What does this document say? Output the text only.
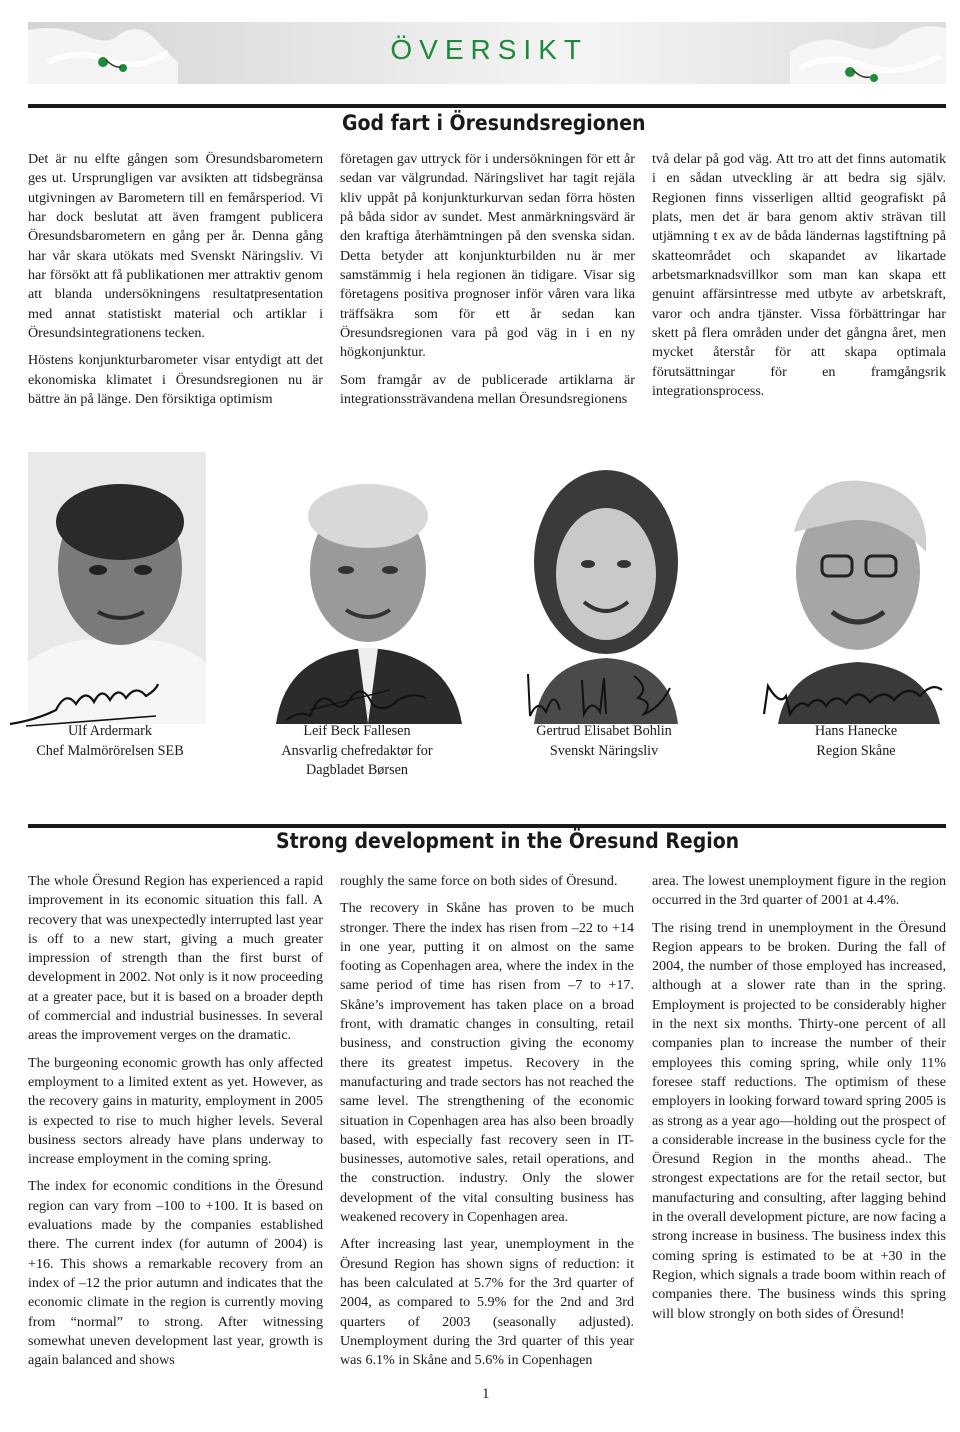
ÖVERSIKT
God fart i Öresundsregionen

Det är nu elfte gången som Öresundsbarometern ges ut. Ursprungligen var avsikten att tidsbegränsa utgivningen av Barometern till en femårsperiod. Vi har dock beslutat att även framgent publicera Öresundsbarometern en gång per år. Denna gång har vår skara utökats med Svenskt Näringsliv. Vi har försökt att få publikationen mer attraktiv genom att blanda undersökningens resultatpresentation med annat statistiskt material och artiklar i Öresundsintegrationens tecken.

Höstens konjunkturbarometer visar entydigt att det ekonomiska klimatet i Öresundsregionen nu är bättre än på länge. Den försiktiga optimism

företagen gav uttryck för i undersökningen för ett år sedan var välgrundad. Näringslivet har tagit rejäla kliv uppåt på konjunkturkurvan sedan förra hösten på båda sidor av sundet. Mest anmärkningsvärd är den kraftiga återhämtningen på den svenska sidan. Detta betyder att konjunkturbilden nu är mer samstämmig i hela regionen än tidigare. Visar sig företagens positiva prognoser inför våren vara lika träffsäkra som för ett år sedan kan Öresundsregionen vara på god väg in i en ny högkonjunktur.

Som framgår av de publicerade artiklarna är integrationssträvandena mellan Öresundsregionens

två delar på god väg. Att tro att det finns automatik i en sådan utveckling är att bedra sig själv. Regionen finns visserligen alltid geografiskt på plats, men det är bara genom aktiv strävan till utjämning t ex av de båda ländernas lagstiftning på skatteområdet och skapandet av likartade arbetsmarknadsvillkor som man kan skapa ett genuint affärsintresse med utbyte av arbetskraft, varor och andra tjänster. Vissa förbättringar har skett på flera områden under det gångna året, men mycket återstår för att skapa optimala förutsättningar för en framgångsrik integrationsprocess.

Ulf Ardermark
Chef Malmörörelsen SEB
Leif Beck Fallesen
Ansvarlig chefredaktør for
Dagbladet Børsen
Gertrud Elisabet Bohlin
Svenskt Näringsliv
Hans Hanecke
Region Skåne
Strong development in the Öresund Region

The whole Öresund Region has experienced a rapid improvement in its economic situation this fall. A recovery that was unexpectedly interrupted last year is off to a new start, giving a much greater impression of strength than the first burst of development in 2002. Not only is it now proceeding at a greater pace, but it is based on a broader depth of commercial and industrial businesses. In several areas the improvement verges on the dramatic.

The burgeoning economic growth has only affected employment to a limited extent as yet. However, as the recovery gains in maturity, employment in 2005 is expected to rise to much higher levels. Several business sectors already have plans underway to increase employment in the coming spring.

The index for economic conditions in the Öresund region can vary from –100 to +100. It is based on evaluations made by the companies established there. The current index (for autumn of 2004) is +16. This shows a remarkable recovery from an index of –12 the prior autumn and indicates that the economic climate in the region is currently moving from “normal” to strong. After witnessing somewhat uneven development last year, growth is again balanced and shows

roughly the same force on both sides of Öresund.

The recovery in Skåne has proven to be much stronger. There the index has risen from –22 to +14 in one year, putting it on almost on the same footing as Copenhagen area, where the index in the same period of time has risen from –7 to +17. Skåne’s improvement has taken place on a broad front, with dramatic changes in consulting, retail business, and construction giving the economy there its greatest impetus. Recovery in the manufacturing and trade sectors has not reached the same level. The strengthening of the economic situation in Copenhagen area has also been broadly based, with especially fast recovery seen in IT-businesses, automotive sales, retail operations, and the construction. industry. Only the slower development of the vital consulting business has weakened recovery in Copenhagen area.

After increasing last year, unemployment in the Öresund Region has shown signs of reduction: it has been calculated at 5.7% for the 3rd quarter of 2004, as compared to 5.9% for the 2nd and 3rd quarters of 2003 (seasonally adjusted). Unemployment during the 3rd quarter of this year was 6.1% in Skåne and 5.6% in Copenhagen

area. The lowest unemployment figure in the region occurred in the 3rd quarter of 2001 at 4.4%.

The rising trend in unemployment in the Öresund Region appears to be broken. During the fall of 2004, the number of those employed has increased, although at a slower rate than in the spring. Employment is projected to be considerably higher in the next six months. Thirty-one percent of all companies plan to increase the number of their employees this coming spring, while only 11% foresee staff reductions. The optimism of these employers in looking forward toward spring 2005 is as strong as a year ago—holding out the prospect of a considerable increase in the business cycle for the Öresund Region in the months ahead.. The strongest expectations are for the retail sector, but manufacturing and consulting, after lagging behind in the overall development picture, are now facing a strong increase in business. The business index this coming spring is estimated to be at +30 in the Region, which signals a trade boom within reach of companies there. The business winds this spring will blow strongly on both sides of Öresund!

1
